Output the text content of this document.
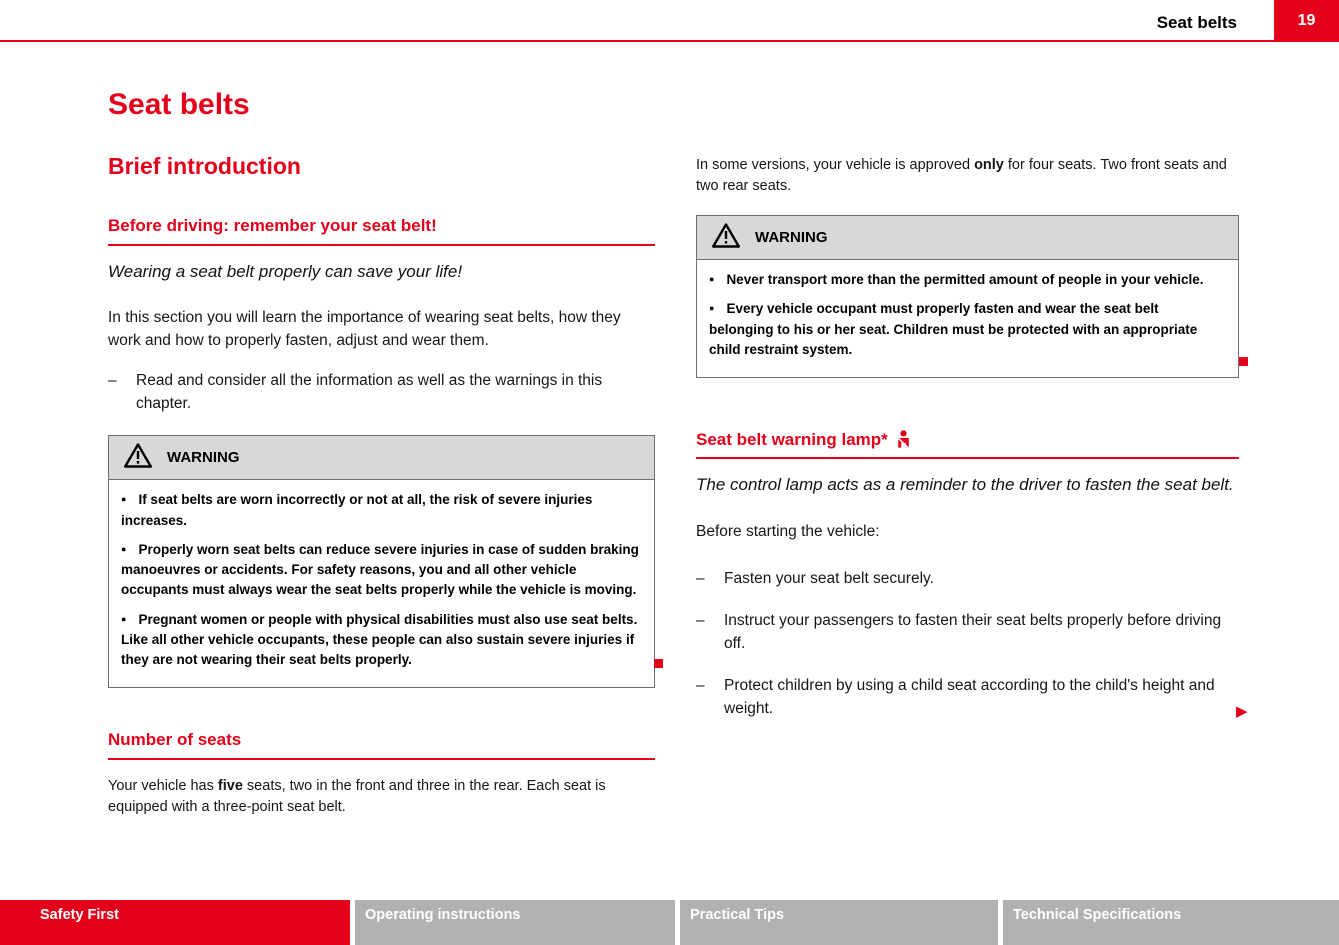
Seat belts	19
Seat belts
Brief introduction
Before driving: remember your seat belt!

Wearing a seat belt properly can save your life!

In this section you will learn the importance of wearing seat belts, how they work and how to properly fasten, adjust and wear them.

– Read and consider all the information as well as the warnings in this chapter.

WARNING

● If seat belts are worn incorrectly or not at all, the risk of severe injuries increases.

● Properly worn seat belts can reduce severe injuries in case of sudden braking manoeuvres or accidents. For safety reasons, you and all other vehicle occupants must always wear the seat belts properly while the vehicle is moving.

● Pregnant women or people with physical disabilities must also use seat belts. Like all other vehicle occupants, these people can also sustain severe injuries if they are not wearing their seat belts properly.

Number of seats

Your vehicle has five seats, two in the front and three in the rear. Each seat is equipped with a three-point seat belt.

In some versions, your vehicle is approved only for four seats. Two front seats and two rear seats.

WARNING

● Never transport more than the permitted amount of people in your vehicle.

● Every vehicle occupant must properly fasten and wear the seat belt belonging to his or her seat. Children must be protected with an appropriate child restraint system.

Seat belt warning lamp*

The control lamp acts as a reminder to the driver to fasten the seat belt.

Before starting the vehicle:

– Fasten your seat belt securely.

– Instruct your passengers to fasten their seat belts properly before driving off.

– Protect children by using a child seat according to the child's height and weight.	▶
Safety First	Operating instructions	Practical Tips	Technical Specifications
